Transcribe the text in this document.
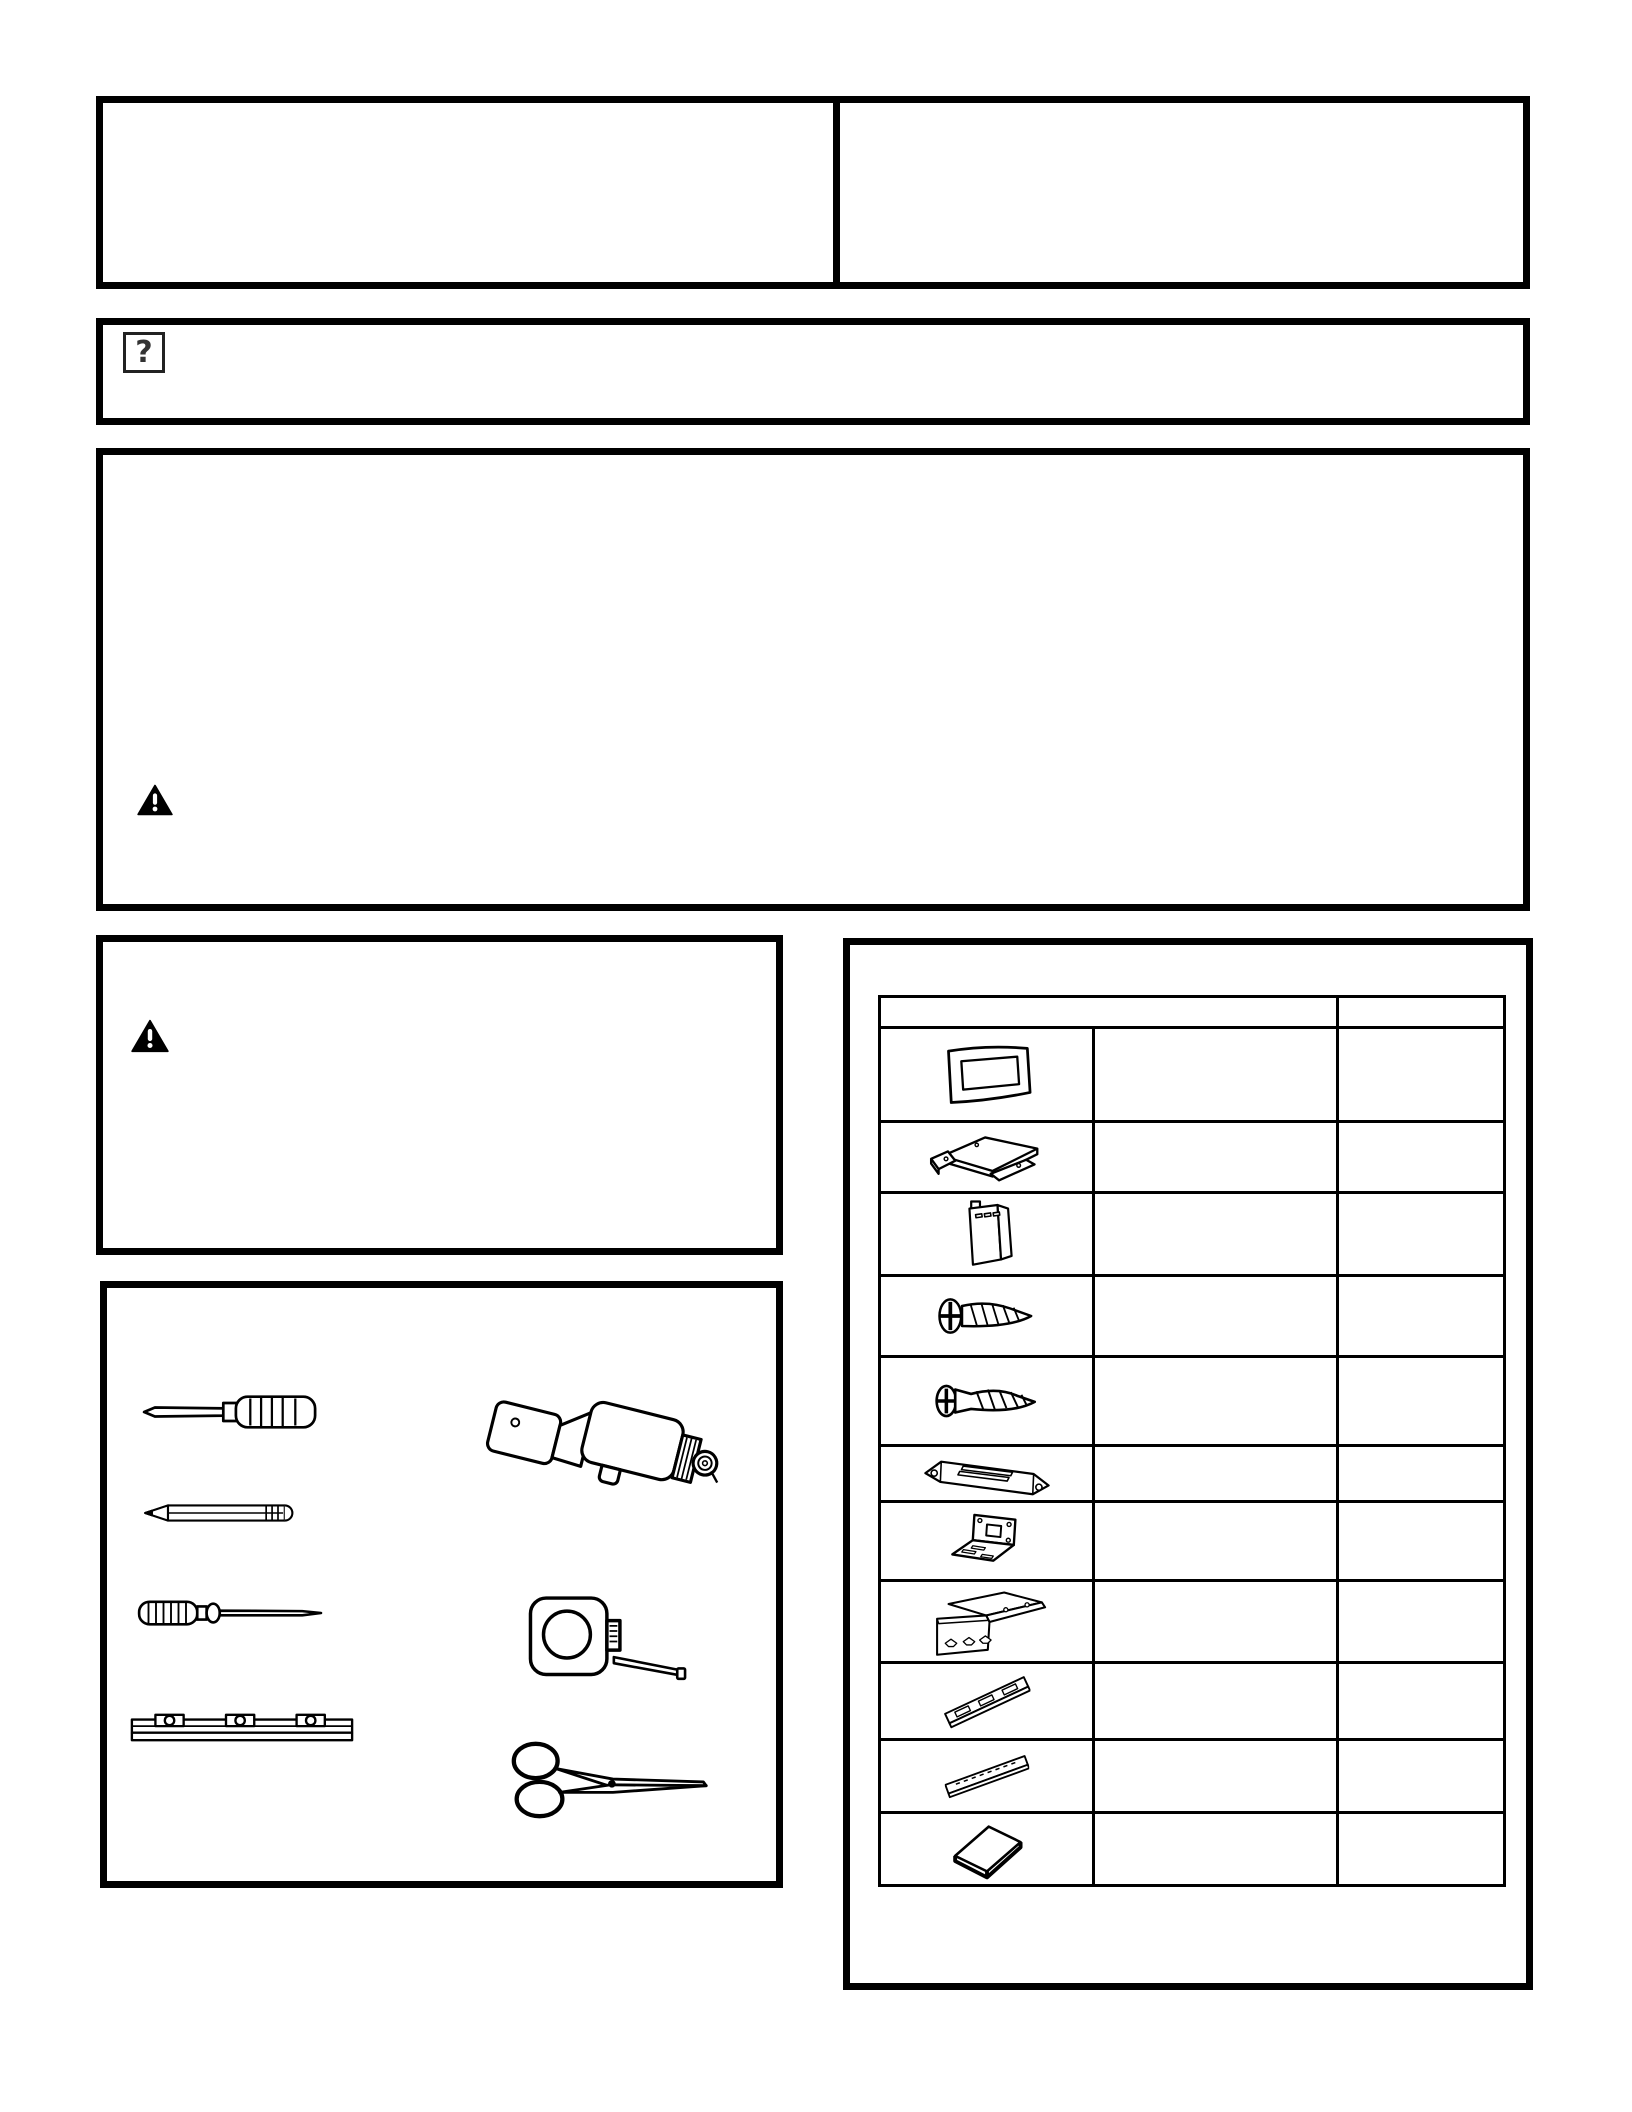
?
